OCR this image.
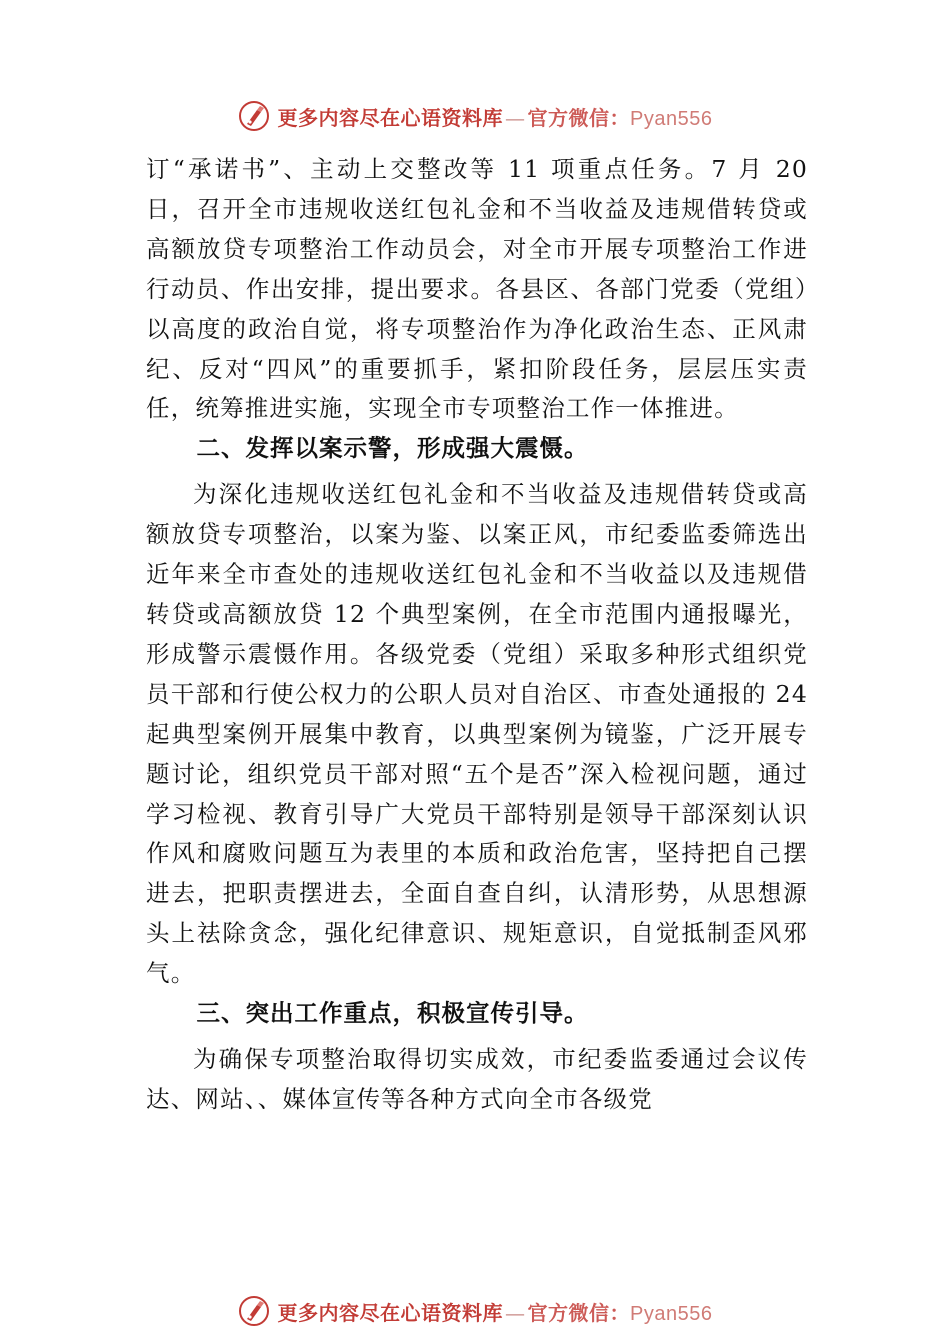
更多内容尽在心语资料库 — 官方微信：Pyan556

订“承诺书”、主动上交整改等 11 项重点任务。7 月 20 日，召开全市违规收送红包礼金和不当收益及违规借转贷或高额放贷专项整治工作动员会，对全市开展专项整治工作进行动员、作出安排，提出要求。各县区、各部门党委（党组）以高度的政治自觉，将专项整治作为净化政治生态、正风肃纪、反对“四风”的重要抓手，紧扣阶段任务，层层压实责任，统筹推进实施，实现全市专项整治工作一体推进。

二、发挥以案示警，形成强大震慑。

为深化违规收送红包礼金和不当收益及违规借转贷或高额放贷专项整治，以案为鉴、以案正风，市纪委监委筛选出近年来全市查处的违规收送红包礼金和不当收益以及违规借转贷或高额放贷 12 个典型案例，在全市范围内通报曝光，形成警示震慑作用。各级党委（党组）采取多种形式组织党员干部和行使公权力的公职人员对自治区、市查处通报的 24 起典型案例开展集中教育，以典型案例为镜鉴，广泛开展专题讨论，组织党员干部对照“五个是否”深入检视问题，通过学习检视、教育引导广大党员干部特别是领导干部深刻认识作风和腐败问题互为表里的本质和政治危害，坚持把自己摆进去，把职责摆进去，全面自查自纠，认清形势，从思想源头上祛除贪念，强化纪律意识、规矩意识，自觉抵制歪风邪气。

三、突出工作重点，积极宣传引导。

为确保专项整治取得切实成效，市纪委监委通过会议传达、网站、、媒体宣传等各种方式向全市各级党

更多内容尽在心语资料库 — 官方微信：Pyan556
